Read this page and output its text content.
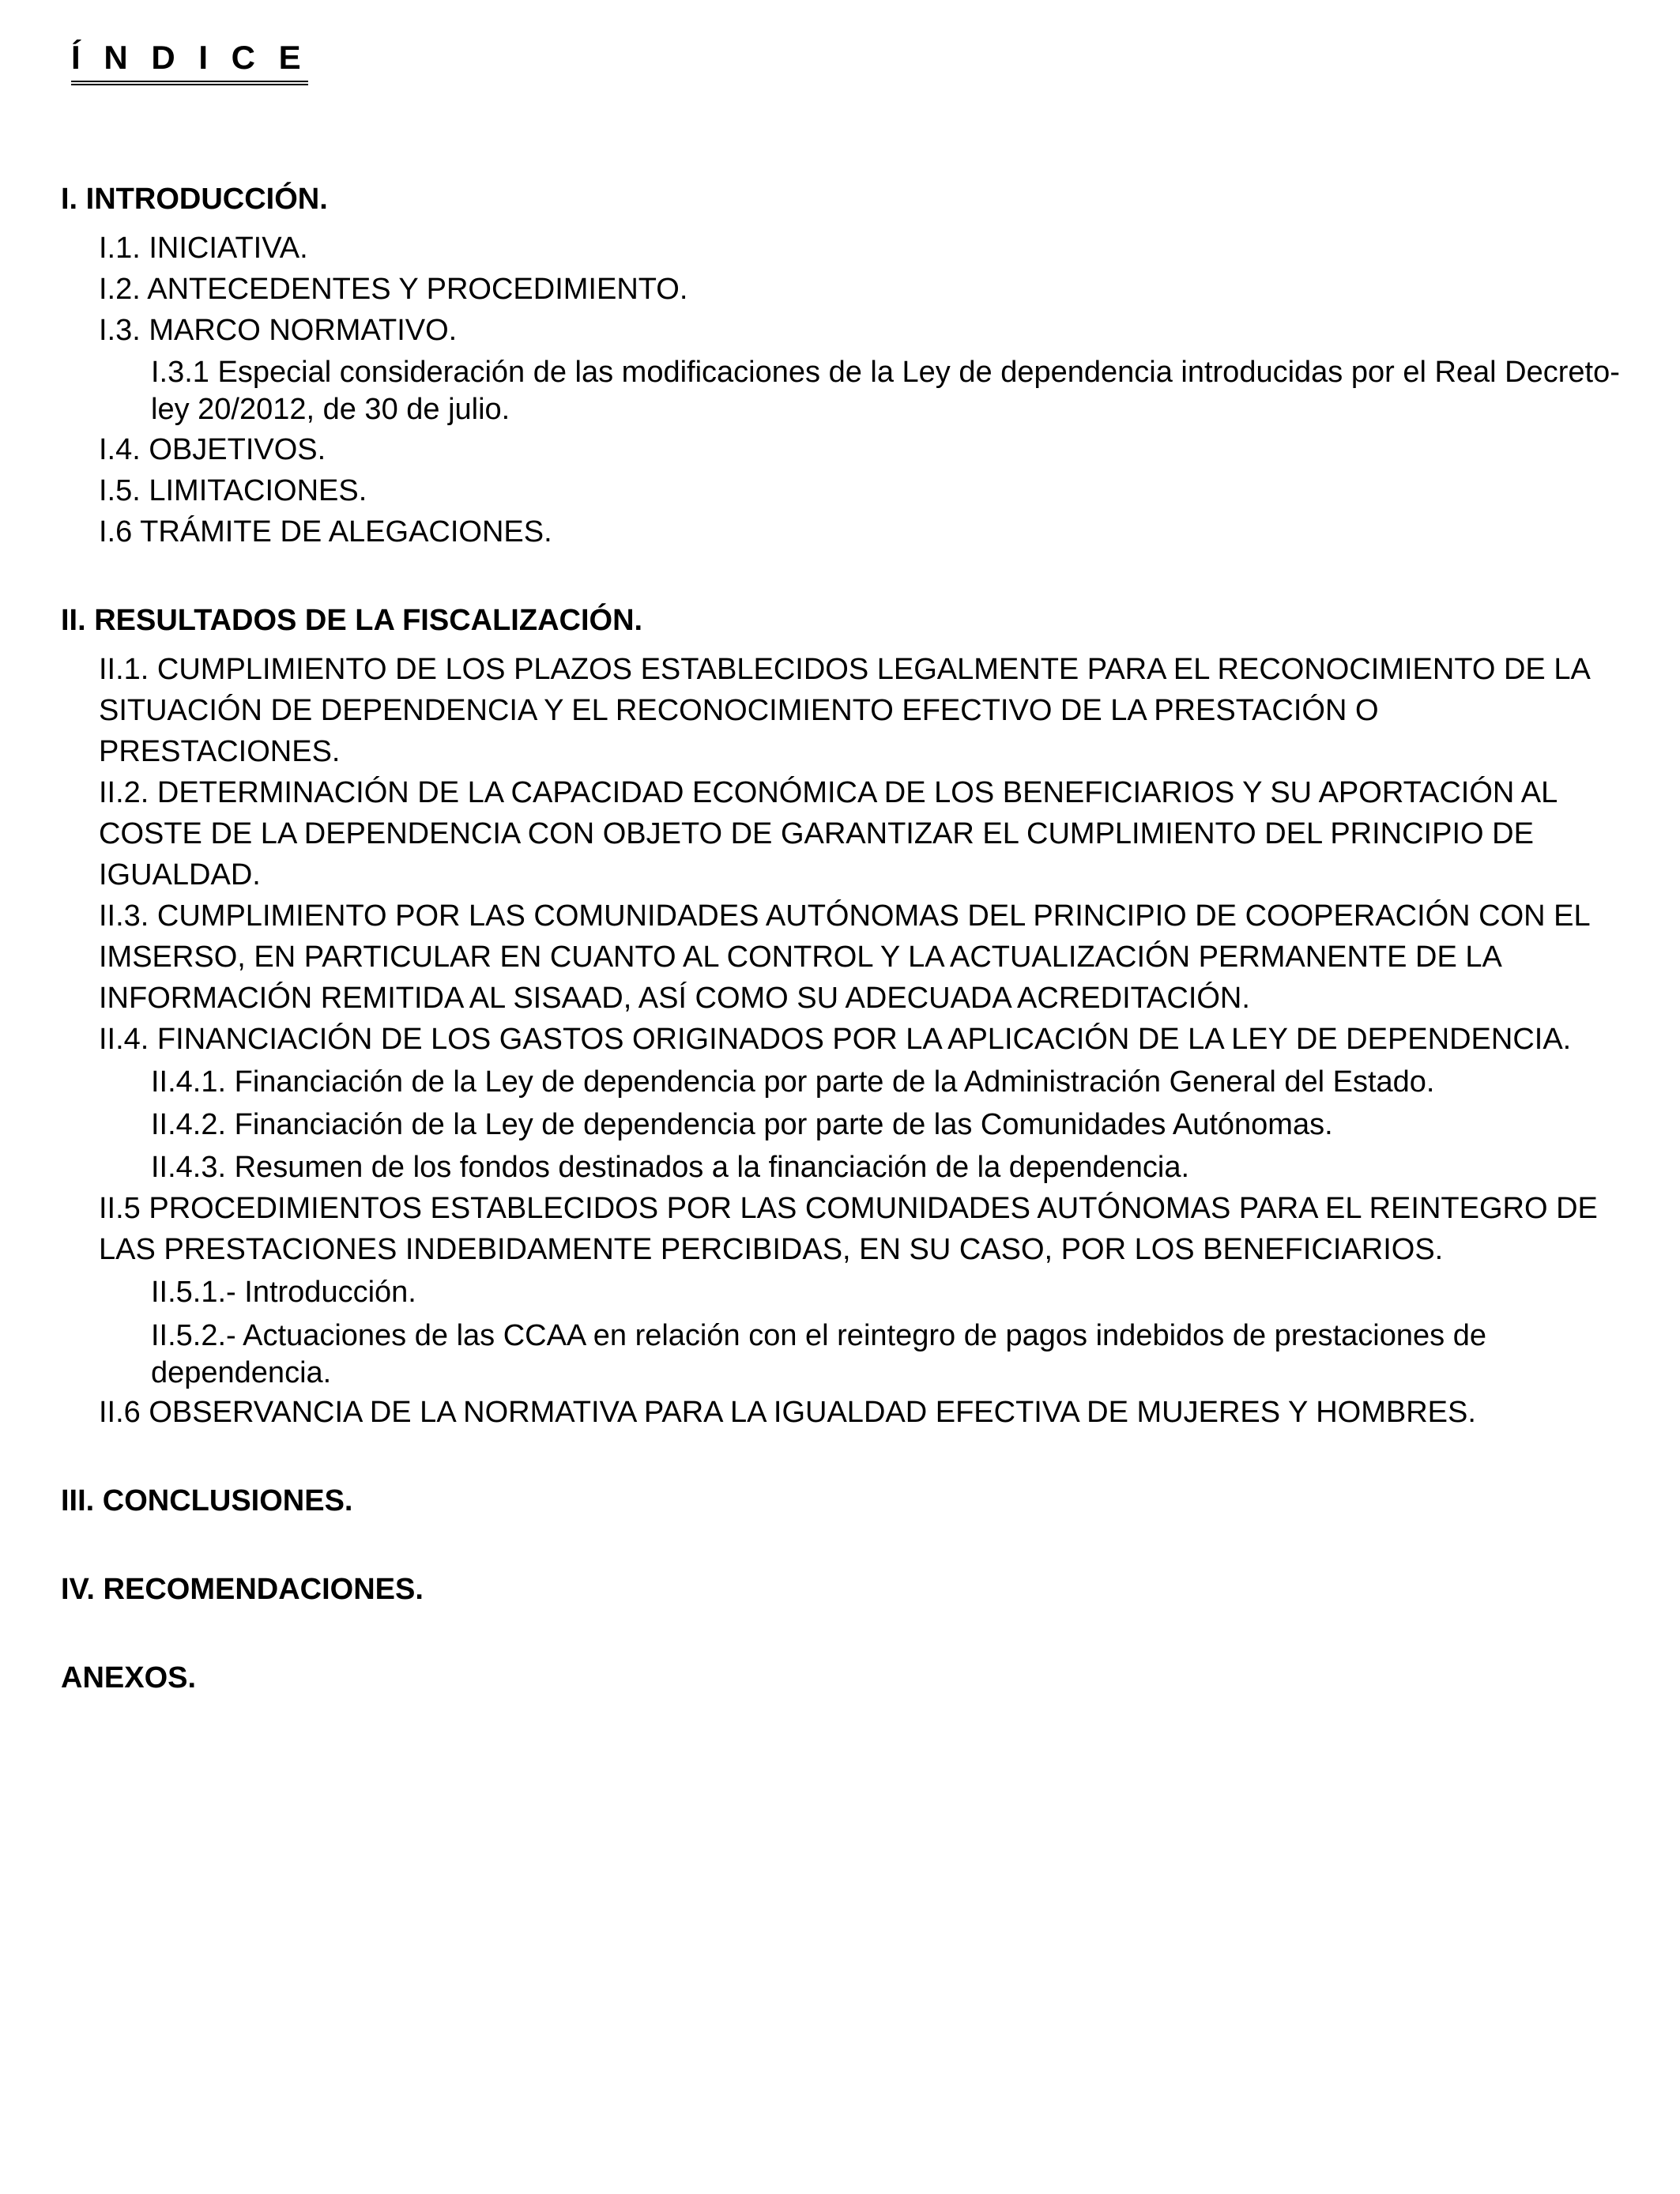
Í N D I C E

I. INTRODUCCIÓN.

I.1. INICIATIVA.

I.2. ANTECEDENTES Y PROCEDIMIENTO.

I.3. MARCO NORMATIVO.

I.3.1 Especial consideración de las modificaciones de la Ley de dependencia introducidas por el Real Decreto-ley 20/2012, de 30 de julio.

I.4. OBJETIVOS.

I.5. LIMITACIONES.

I.6 TRÁMITE DE ALEGACIONES.

II. RESULTADOS DE LA FISCALIZACIÓN.

II.1. CUMPLIMIENTO DE LOS PLAZOS ESTABLECIDOS LEGALMENTE PARA EL RECONOCIMIENTO DE LA SITUACIÓN DE DEPENDENCIA Y EL RECONOCIMIENTO EFECTIVO DE LA PRESTACIÓN O PRESTACIONES.

II.2. DETERMINACIÓN DE LA CAPACIDAD ECONÓMICA DE LOS BENEFICIARIOS Y SU APORTACIÓN AL COSTE DE LA DEPENDENCIA CON OBJETO DE GARANTIZAR EL CUMPLIMIENTO DEL PRINCIPIO DE IGUALDAD.

II.3. CUMPLIMIENTO POR LAS COMUNIDADES AUTÓNOMAS DEL PRINCIPIO DE COOPERACIÓN CON EL IMSERSO, EN PARTICULAR EN CUANTO AL CONTROL Y LA ACTUALIZACIÓN PERMANENTE DE LA INFORMACIÓN REMITIDA AL SISAAD, ASÍ COMO SU ADECUADA ACREDITACIÓN.

II.4. FINANCIACIÓN DE LOS GASTOS ORIGINADOS POR LA APLICACIÓN DE LA LEY DE DEPENDENCIA.

II.4.1. Financiación de la Ley de dependencia por parte de la Administración General del Estado.

II.4.2. Financiación de la Ley de dependencia por parte de las Comunidades Autónomas.

II.4.3. Resumen de los fondos destinados a la financiación de la dependencia.

II.5 PROCEDIMIENTOS ESTABLECIDOS POR LAS COMUNIDADES AUTÓNOMAS PARA EL REINTEGRO DE LAS PRESTACIONES INDEBIDAMENTE PERCIBIDAS, EN SU CASO, POR LOS BENEFICIARIOS.

II.5.1.- Introducción.

II.5.2.- Actuaciones de las CCAA en relación con el reintegro de pagos indebidos de prestaciones de dependencia.

II.6 OBSERVANCIA DE LA NORMATIVA PARA LA IGUALDAD EFECTIVA DE MUJERES Y HOMBRES.

III. CONCLUSIONES.

IV. RECOMENDACIONES.

ANEXOS.
